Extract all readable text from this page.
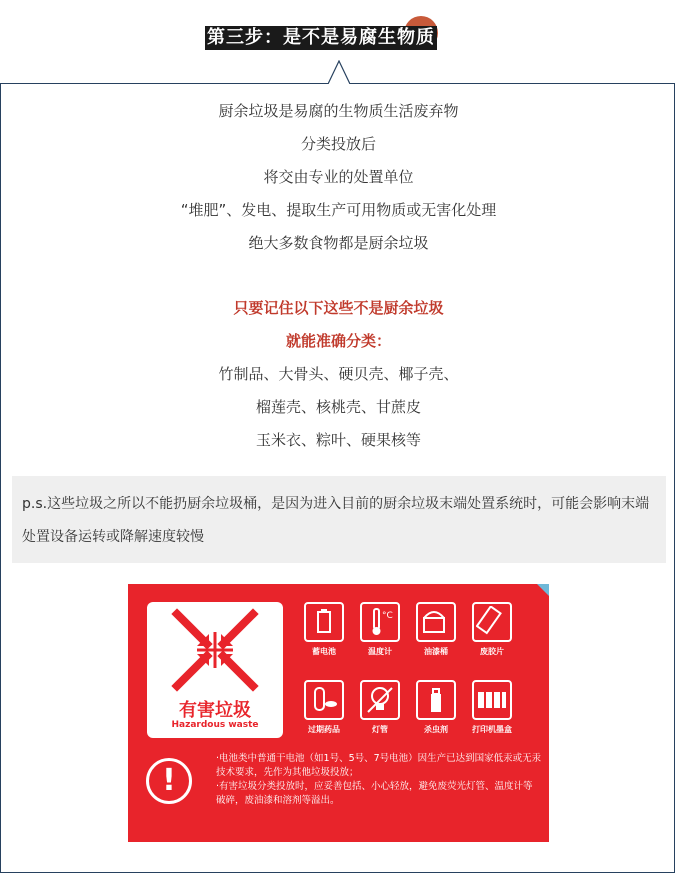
第三步：是不是易腐生物质
厨余垃圾是易腐的生物质生活废弃物
分类投放后
将交由专业的处置单位
“堆肥”、发电、提取生产可用物质或无害化处理
绝大多数食物都是厨余垃圾
只要记住以下这些不是厨余垃圾
就能准确分类：
竹制品、大骨头、硬贝壳、椰子壳、
榴莲壳、核桃壳、甘蔗皮
玉米衣、粽叶、硬果核等
p.s.这些垃圾之所以不能扔厨余垃圾桶，是因为进入目前的厨余垃圾末端处置系统时，可能会影响末端处置设备运转或降解速度较慢
有害垃圾
Hazardous waste
蓄电池
°C
温度计	油漆桶	废胶片
过期药品	灯管	杀虫剂	打印机墨盒
!
·电池类中普通干电池（如1号、5号、7号电池）因生产已达到国家低汞或无汞技术要求，先作为其他垃圾投放；
·有害垃圾分类投放时，应妥善包括、小心轻放，避免废荧光灯管、温度计等破碎，废油漆和溶剂等溢出。
